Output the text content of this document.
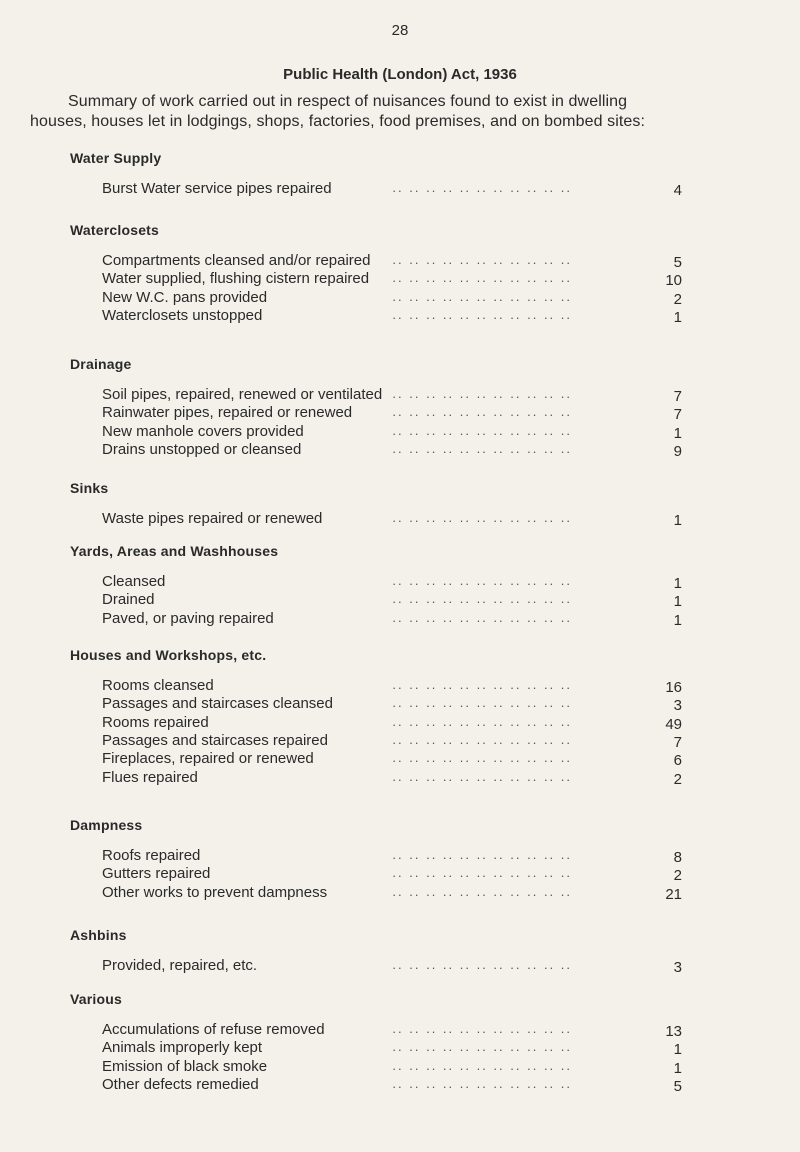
28
Public Health (London) Act, 1936
Summary of work carried out in respect of nuisances found to exist in dwelling
houses, houses let in lodgings, shops, factories, food premises, and on bombed sites:
Water Supply
.. .. .. .. .. .. .. .. .. .. ..
Burst Water service pipes repaired	4
Waterclosets
.. .. .. .. .. .. .. .. .. .. ..
Compartments cleansed and/or repaired	5
.. .. .. .. .. .. .. .. .. .. ..
Water supplied, flushing cistern repaired	10
.. .. .. .. .. .. .. .. .. .. ..
New W.C. pans provided	2
.. .. .. .. .. .. .. .. .. .. ..
Waterclosets unstopped	1
Drainage
.. .. .. .. .. .. .. .. .. .. ..
Soil pipes, repaired, renewed or ventilated	7
.. .. .. .. .. .. .. .. .. .. ..
Rainwater pipes, repaired or renewed	7
.. .. .. .. .. .. .. .. .. .. ..
New manhole covers provided	1
.. .. .. .. .. .. .. .. .. .. ..
Drains unstopped or cleansed	9
Sinks
.. .. .. .. .. .. .. .. .. .. ..
Waste pipes repaired or renewed	1
Yards, Areas and Washhouses
.. .. .. .. .. .. .. .. .. .. ..
Cleansed	1
.. .. .. .. .. .. .. .. .. .. ..
Drained	1
.. .. .. .. .. .. .. .. .. .. ..
Paved, or paving repaired	1
Houses and Workshops, etc.
.. .. .. .. .. .. .. .. .. .. ..
Rooms cleansed	16
.. .. .. .. .. .. .. .. .. .. ..
Passages and staircases cleansed	3
.. .. .. .. .. .. .. .. .. .. ..
Rooms repaired	49
.. .. .. .. .. .. .. .. .. .. ..
Passages and staircases repaired	7
.. .. .. .. .. .. .. .. .. .. ..
Fireplaces, repaired or renewed	6
.. .. .. .. .. .. .. .. .. .. ..
Flues repaired	2
Dampness
.. .. .. .. .. .. .. .. .. .. ..
Roofs repaired	8
.. .. .. .. .. .. .. .. .. .. ..
Gutters repaired	2
.. .. .. .. .. .. .. .. .. .. ..
Other works to prevent dampness	21
Ashbins
.. .. .. .. .. .. .. .. .. .. ..
Provided, repaired, etc.	3
Various
.. .. .. .. .. .. .. .. .. .. ..
Accumulations of refuse removed	13
.. .. .. .. .. .. .. .. .. .. ..
Animals improperly kept	1
.. .. .. .. .. .. .. .. .. .. ..
Emission of black smoke	1
.. .. .. .. .. .. .. .. .. .. ..
Other defects remedied	5
